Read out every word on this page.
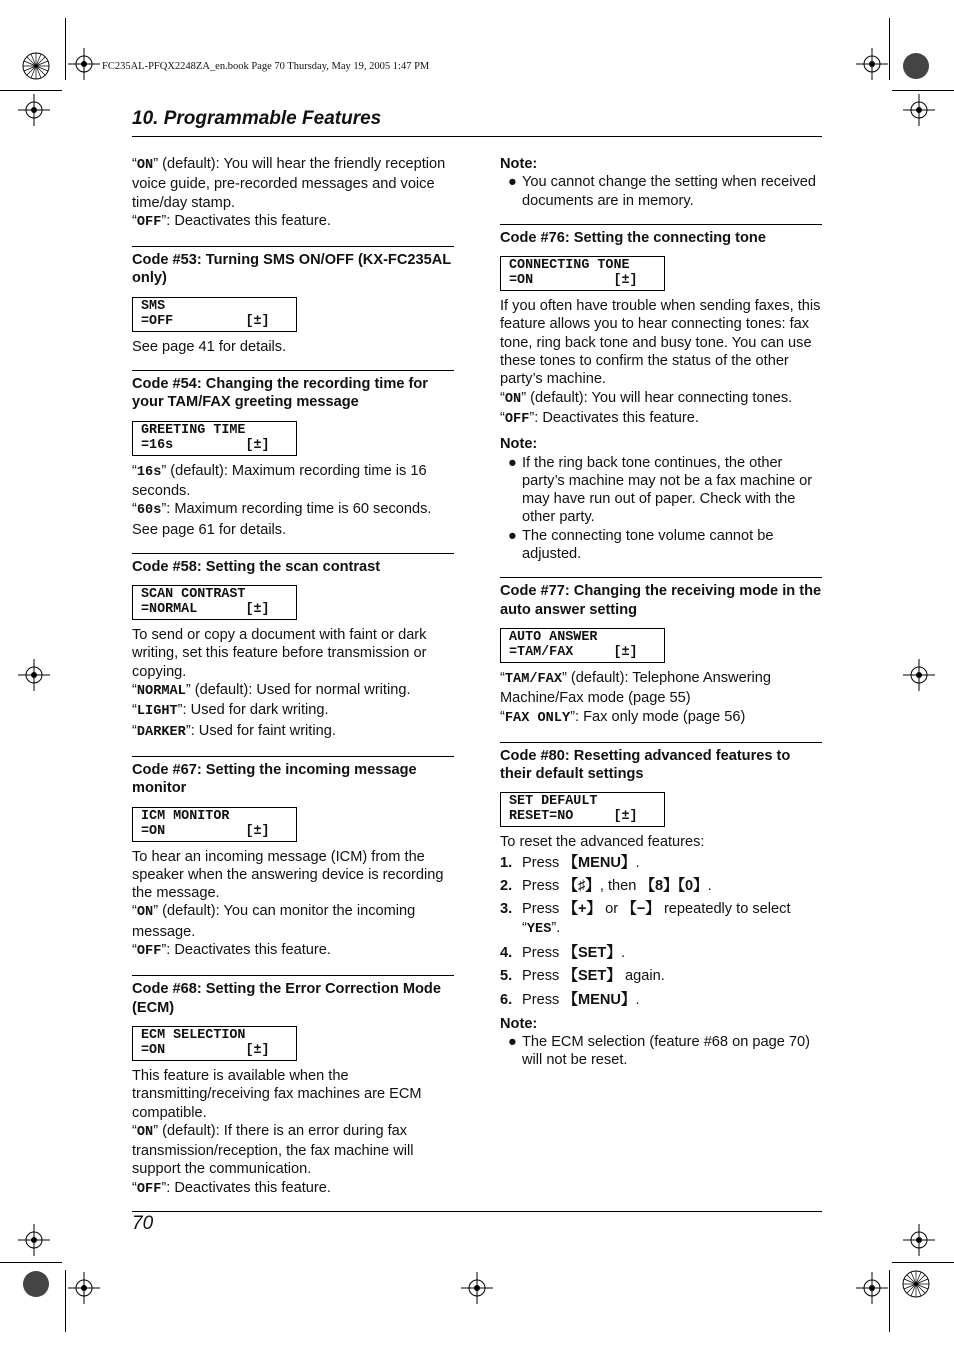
FC235AL-PFQX2248ZA_en.book Page 70 Thursday, May 19, 2005 1:47 PM
10. Programmable Features

“ON” (default): You will hear the friendly reception voice guide, pre-recorded messages and voice time/day stamp.

“OFF”: Deactivates this feature.

Code #53: Turning SMS ON/OFF (KX-FC235AL only)
SMS
=OFF         [±]

See page 41 for details.

Code #54: Changing the recording time for your TAM/FAX greeting message
GREETING TIME
=16s         [±]

“16s” (default): Maximum recording time is 16 seconds.

“60s”: Maximum recording time is 60 seconds.

See page 61 for details.

Code #58: Setting the scan contrast
SCAN CONTRAST
=NORMAL      [±]

To send or copy a document with faint or dark writing, set this feature before transmission or copying.

“NORMAL” (default): Used for normal writing.

“LIGHT”: Used for dark writing.

“DARKER”: Used for faint writing.

Code #67: Setting the incoming message monitor
ICM MONITOR
=ON          [±]

To hear an incoming message (ICM) from the speaker when the answering device is recording the message.

“ON” (default): You can monitor the incoming message.

“OFF”: Deactivates this feature.

Code #68: Setting the Error Correction Mode (ECM)
ECM SELECTION
=ON          [±]

This feature is available when the transmitting/receiving fax machines are ECM compatible.

“ON” (default): If there is an error during fax transmission/reception, the fax machine will support the communication.

“OFF”: Deactivates this feature.

Note:
● You cannot change the setting when received documents are in memory.
Code #76: Setting the connecting tone
CONNECTING TONE
=ON          [±]

If you often have trouble when sending faxes, this feature allows you to hear connecting tones: fax tone, ring back tone and busy tone. You can use these tones to confirm the status of the other party’s machine.

“ON” (default): You will hear connecting tones.

“OFF”: Deactivates this feature.

Note:
● If the ring back tone continues, the other party’s machine may not be a fax machine or may have run out of paper. Check with the other party.
● The connecting tone volume cannot be adjusted.
Code #77: Changing the receiving mode in the auto answer setting
AUTO ANSWER
=TAM/FAX     [±]

“TAM/FAX” (default): Telephone Answering Machine/Fax mode (page 55)

“FAX ONLY”: Fax only mode (page 56)

Code #80: Resetting advanced features to their default settings
SET DEFAULT
RESET=NO     [±]

To reset the advanced features:

1. Press 【MENU】.
2. Press 【♯】, then 【8】【0】.
3. Press 【+】 or 【−】 repeatedly to select “YES”.
4. Press 【SET】.
5. Press 【SET】 again.
6. Press 【MENU】.
Note:
● The ECM selection (feature #68 on page 70) will not be reset.
70
